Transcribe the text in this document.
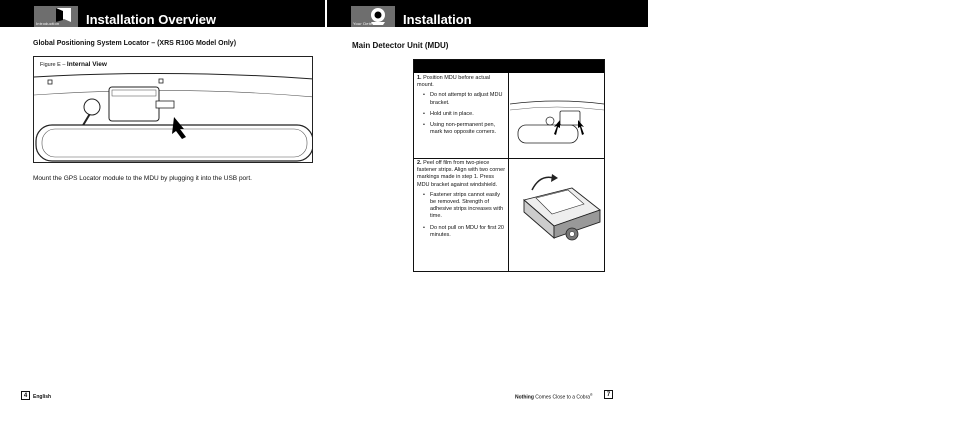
Introduction Installation Overview
Global Positioning System Locator – (XRS R10G Model Only)
Figure E – Internal View
Mount the GPS Locator module to the MDU by plugging it into the USB port.
4	English
Your Detector Installation
Main Detector Unit (MDU)
1. Position MDU before actual mount.
• Do not attempt to adjust MDU bracket.
• Hold unit in place.
• Using non-permanent pen, mark two opposite corners.
2. Peel off film from two-piece fastener strips. Align with two corner markings made in step 1. Press MDU bracket against windshield.
• Fastener strips cannot easily be removed. Strength of adhesive strips increases with time.
• Do not pull on MDU for first 20 minutes.
Nothing Comes Close to a Cobra®	7
